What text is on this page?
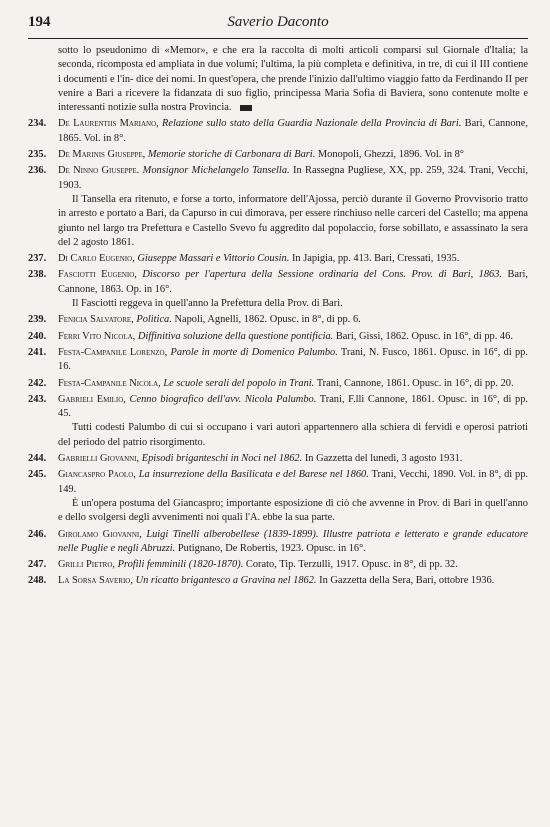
194	Saverio Daconto
sotto lo pseudonimo di «Memor», e che era la raccolta di molti articoli comparsi sul Giornale d'Italia; la seconda, ricomposta ed ampliata in due volumi; l'ultima, la più completa e definitiva, in tre, di cui il III contiene i documenti e l'in- dice dei nomi. In quest'opera, che prende l'inizio dall'ultimo viaggio fatto da Ferdinando II per venire a Bari a ricevere la fidanzata di suo figlio, principessa Maria Sofia di Baviera, sono contenute molte e interessanti notizie sulla nostra Provincia.
234. De Laurentiis Mariano, Relazione sullo stato della Guardia Nazionale della Provincia di Bari. Bari, Cannone, 1865. Vol. in 8°.
235. De Marinis Giuseppe, Memorie storiche di Carbonara di Bari. Monopoli, Ghezzi, 1896. Vol. in 8°
236. De Ninno Giuseppe. Monsignor Michelangelo Tansella. In Rassegna Pugliese, XX, pp. 259, 324. Trani, Vecchi, 1903.
Il Tansella era ritenuto, e forse a torto, informatore dell'Ajossa, perciò durante il Governo Provvisorio tratto in arresto e portato a Bari, da Capurso in cui dimorava, per essere rinchiuso nelle carceri del Castello; ma appena giunto nel largo tra Prefettura e Castello Svevo fu aggredito dal popolaccio, forse sobillato, e assassinato la sera del 2 agosto 1861.
237. Di Carlo Eugenio, Giuseppe Massari e Vittorio Cousin. In Japigia, pp. 413. Bari, Cressati, 1935.
238. Fasciotti Eugenio, Discorso per l'apertura della Sessione ordinaria del Cons. Prov. di Bari, 1863. Bari, Cannone, 1863. Op. in 16°.
Il Fasciotti reggeva in quell'anno la Prefettura della Prov. di Bari.
239. Fenicia Salvatore, Politica. Napoli, Agnelli, 1862. Opusc. in 8°, di pp. 6.
240. Ferri Vito Nicola, Diffinitiva soluzione della questione pontificia. Bari, Gissi, 1862. Opusc. in 16°, di pp. 46.
241. Festa-Campanile Lorenzo, Parole in morte di Domenico Palumbo. Trani, N. Fusco, 1861. Opusc. in 16°, di pp. 16.
242. Festa-Campanile Nicola, Le scuole serali del popolo in Trani. Trani, Cannone, 1861. Opusc. in 16°, di pp. 20.
243. Gabrieli Emilio, Cenno biografico dell'avv. Nicola Palumbo. Trani, F.lli Cannone, 1861. Opusc. in 16°, di pp. 45.
Tutti codesti Palumbo di cui si occupano i vari autori appartennero alla schiera di fervidi e operosi patrioti del periodo del patrio risorgimento.
244. Gabrielli Giovanni, Episodi briganteschi in Noci nel 1862. In Gazzetta del lunedì, 3 agosto 1931.
245. Giancaspro Paolo, La insurrezione della Basilicata e del Barese nel 1860. Trani, Vecchi, 1890. Vol. in 8°, di pp. 149.
È un'opera postuma del Giancaspro; importante esposizione di ciò che avvenne in Prov. di Bari in quell'anno e dello svolgersi degli avvenimenti noi quali l'A. ebbe la sua parte.
246. Girolamo Giovanni, Luigi Tinelli alberobellese (1839-1899). Illustre patriota e letterato e grande educatore nelle Puglie e negli Abruzzi. Putignano, De Robertis, 1923. Opusc. in 16°.
247. Grilli Pietro, Profili femminili (1820-1870). Corato, Tip. Terzulli, 1917. Opusc. in 8°, di pp. 32.
248. La Sorsa Saverio, Un ricatto brigantesco a Gravina nel 1862. In Gazzetta della Sera, Bari, ottobre 1936.
